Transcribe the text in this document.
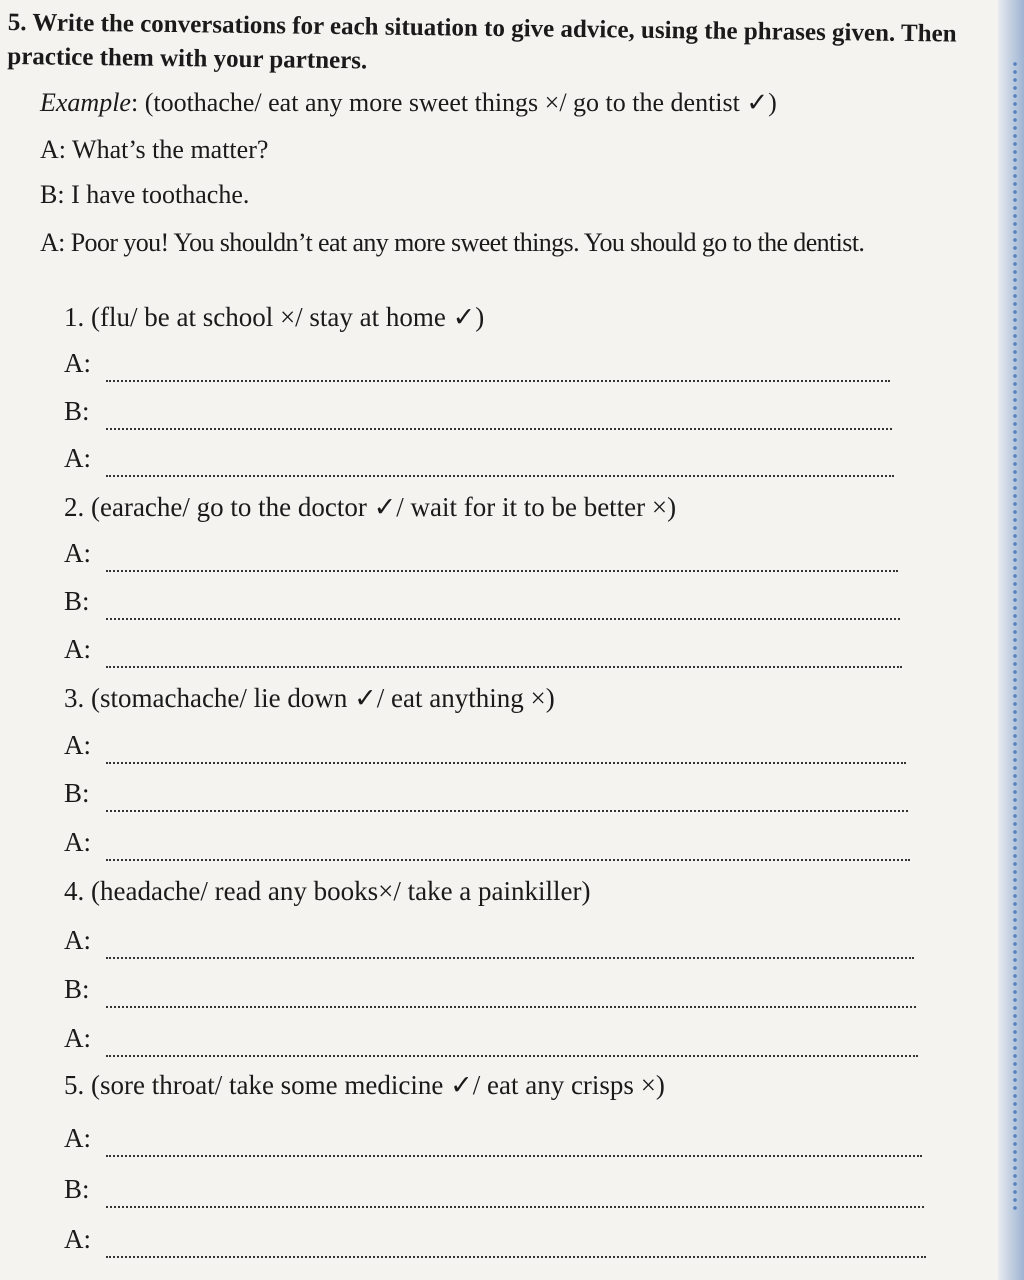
5. Write the conversations for each situation to give advice, using the phrases given. Then practice them with your partners.
Example: (toothache/ eat any more sweet things ×/ go to the dentist ✓)
A: What’s the matter?
B: I have toothache.
A: Poor you! You shouldn’t eat any more sweet things. You should go to the dentist.
1. (flu/ be at school ×/ stay at home ✓)
A:
B:
A:
2. (earache/ go to the doctor ✓/ wait for it to be better ×)
A:
B:
A:
3. (stomachache/ lie down ✓/ eat anything ×)
A:
B:
A:
4. (headache/ read any books×/ take a painkiller)
A:
B:
A:
5. (sore throat/ take some medicine ✓/ eat any crisps ×)
A:
B:
A:
